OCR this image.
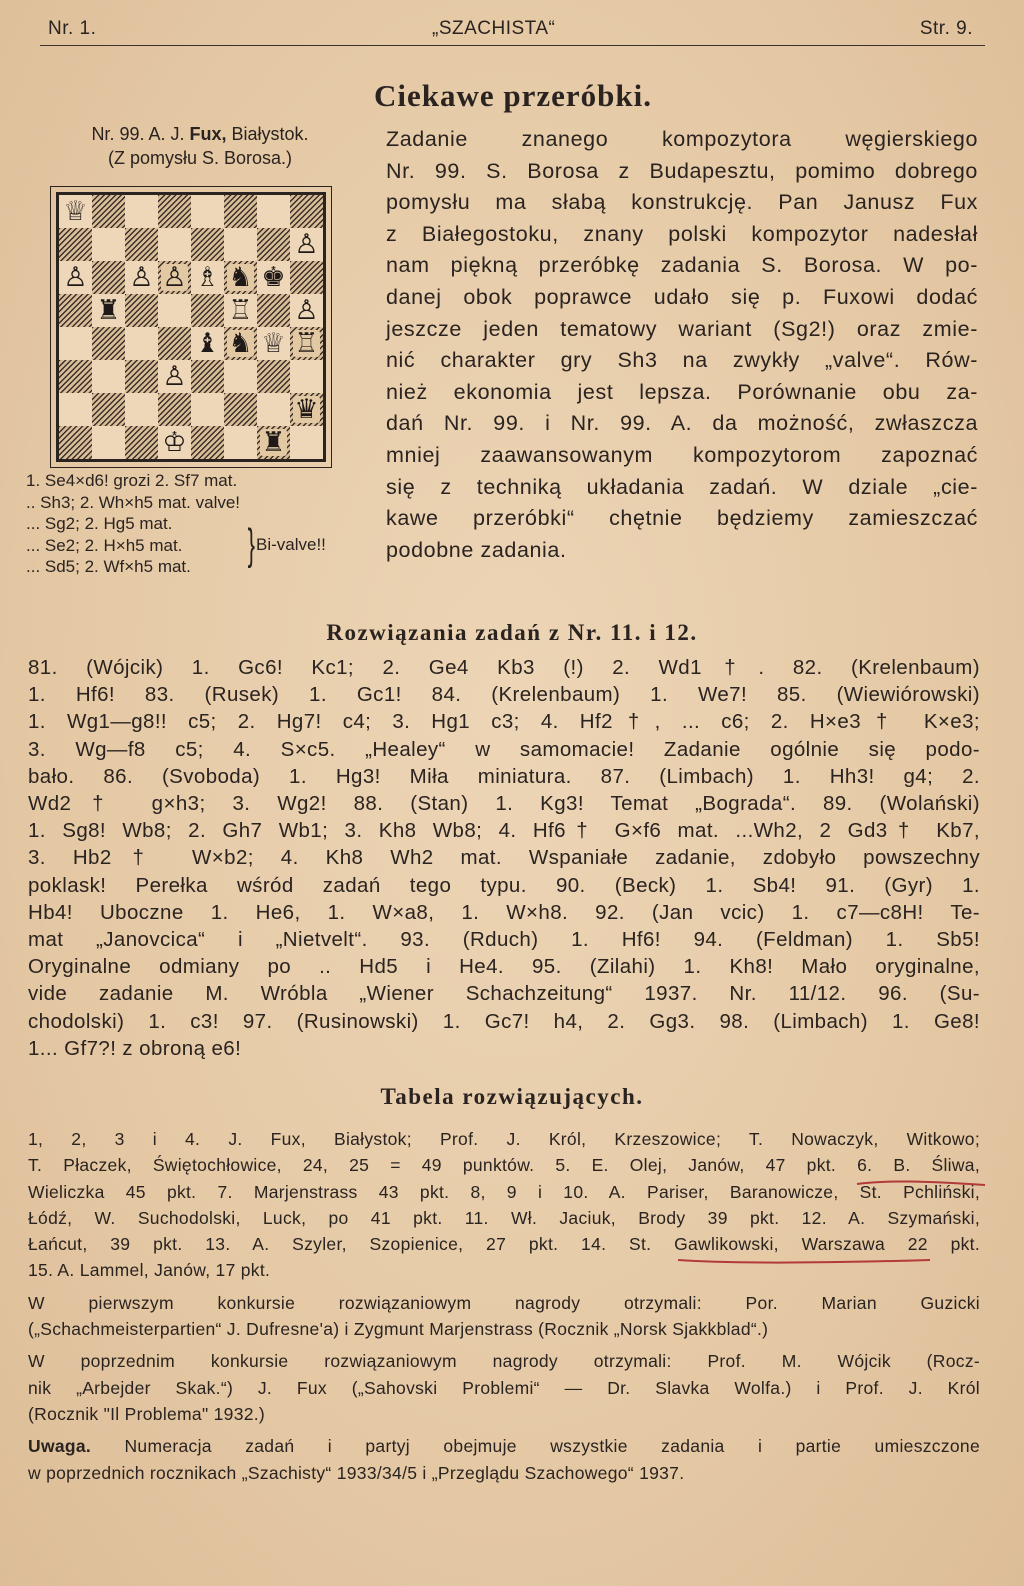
Nr. 1.	„SZACHISTA“	Str. 9.
Ciekawe przeróbki.
Nr. 99. A. J. Fux, Białystok.
(Z pomysłu S. Borosa.)
♕
♙
♙ ♙ ♙ ♗ ♞ ♚
♜	♖ ♙
♝ ♞ ♕ ♖
♙
♛
♔	♜
1. Se4×d6! grozi 2. Sf7 mat.
.. Sh3; 2. Wh×h5 mat. valve!
... Sg2; 2. Hg5 mat.
... Se2; 2. H×h5 mat.
... Sd5; 2. Wf×h5 mat.	} Bi-valve!!
Zadanie znanego kompozytora węgierskiego
Nr. 99. S. Borosa z Budapesztu, pomimo dobrego
pomysłu ma słabą konstrukcję. Pan Janusz Fux
z Białegostoku, znany polski kompozytor nadesłał
nam piękną przeróbkę zadania S. Borosa. W po-
danej obok poprawce udało się p. Fuxowi dodać
jeszcze jeden tematowy wariant (Sg2!) oraz zmie-
nić charakter gry Sh3 na zwykły „valve“. Rów-
nież ekonomia jest lepsza. Porównanie obu za-
dań Nr. 99. i Nr. 99. A. da możność, zwłaszcza
mniej zaawansowanym kompozytorom zapoznać
się z techniką układania zadań. W dziale „cie-
kawe przeróbki“ chętnie będziemy zamieszczać
podobne zadania.
Rozwiązania zadań z Nr. 11. i 12.
81. (Wójcik) 1. Gc6! Kc1; 2. Ge4 Kb3 (!) 2. Wd1†. 82. (Krelenbaum)
1. Hf6! 83. (Rusek) 1. Gc1! 84. (Krelenbaum) 1. We7! 85. (Wiewiórowski)
1. Wg1—g8!! c5; 2. Hg7! c4; 3. Hg1 c3; 4. Hf2†, ... c6; 2. H×e3† K×e3;
3. Wg—f8 c5; 4. S×c5. „Healey“ w samomacie! Zadanie ogólnie się podo-
bało. 86. (Svoboda) 1. Hg3! Miła miniatura. 87. (Limbach) 1. Hh3! g4; 2.
Wd2† g×h3; 3. Wg2! 88. (Stan) 1. Kg3! Temat „Bograda“. 89. (Wolański)
1. Sg8! Wb8; 2. Gh7 Wb1; 3. Kh8 Wb8; 4. Hf6† G×f6 mat. ...Wh2, 2 Gd3† Kb7,
3. Hb2† W×b2; 4. Kh8 Wh2 mat. Wspaniałe zadanie, zdobyło powszechny
poklask! Perełka wśród zadań tego typu. 90. (Beck) 1. Sb4! 91. (Gyr) 1.
Hb4! Uboczne 1. He6, 1. W×a8, 1. W×h8. 92. (Jan vcic) 1. c7—c8H! Te-
mat „Janovcica“ i „Nietvelt“. 93. (Rduch) 1. Hf6! 94. (Feldman) 1. Sb5!
Oryginalne odmiany po .. Hd5 i He4. 95. (Zilahi) 1. Kh8! Mało oryginalne,
vide zadanie M. Wróbla „Wiener Schachzeitung“ 1937. Nr. 11/12. 96. (Su-
chodolski) 1. c3! 97. (Rusinowski) 1. Gc7! h4, 2. Gg3. 98. (Limbach) 1. Ge8!
1... Gf7?! z obroną e6!
Tabela rozwiązujących.
1, 2, 3 i 4. J. Fux, Białystok; Prof. J. Król, Krzeszowice; T. Nowaczyk, Witkowo;
T. Płaczek, Świętochłowice, 24, 25 = 49 punktów. 5. E. Olej, Janów, 47 pkt. 6. B. Śliwa,
Wieliczka 45 pkt. 7. Marjenstrass 43 pkt. 8, 9 i 10. A. Pariser, Baranowicze, St. Pchliński,
Łódź, W. Suchodolski, Luck, po 41 pkt. 11. Wł. Jaciuk, Brody 39 pkt. 12. A. Szymański,
Łańcut, 39 pkt. 13. A. Szyler, Szopienice, 27 pkt. 14. St. Gawlikowski, Warszawa 22 pkt.
15. A. Lammel, Janów, 17 pkt.
W pierwszym konkursie rozwiązaniowym nagrody otrzymali: Por. Marian Guzicki
(„Schachmeisterpartien“ J. Dufresne'a) i Zygmunt Marjenstrass (Rocznik „Norsk Sjakkblad“.)
W poprzednim konkursie rozwiązaniowym nagrody otrzymali: Prof. M. Wójcik (Rocz-
nik „Arbejder Skak.“) J. Fux („Sahovski Problemi“ — Dr. Slavka Wolfa.) i Prof. J. Król
(Rocznik "Il Problema" 1932.)
Uwaga. Numeracja zadań i partyj obejmuje wszystkie zadania i partie umieszczone
w poprzednich rocznikach „Szachisty“ 1933/34/5 i „Przeglądu Szachowego“ 1937.
